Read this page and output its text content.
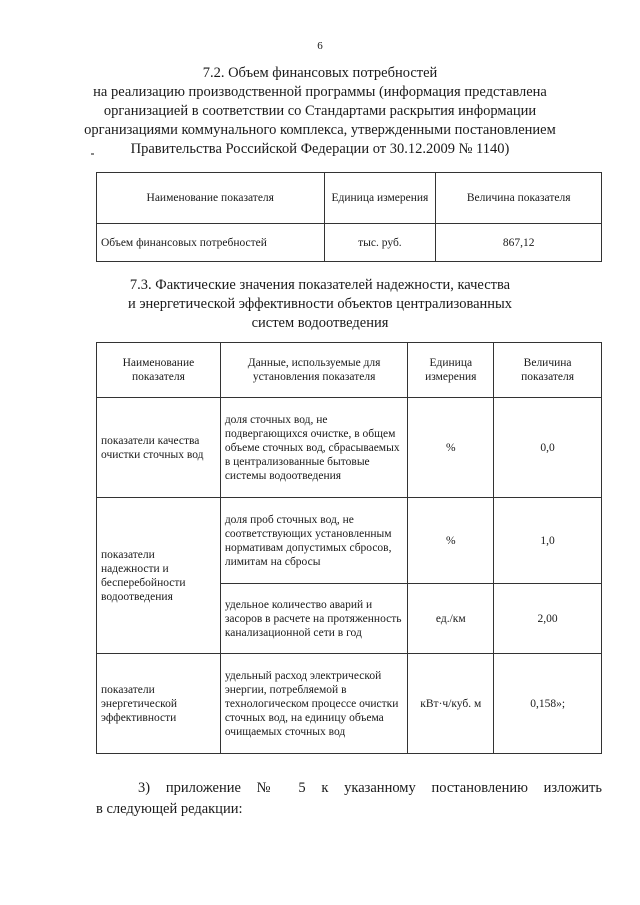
6
7.2. Объем финансовых потребностей
на реализацию производственной программы (информация представлена
организацией в соответствии со Стандартами раскрытия информации
организациями коммунального комплекса, утвержденными постановлением
Правительства Российской Федерации от 30.12.2009 № 1140)
Наименование показателя	Единица измерения	Величина показателя
Объем финансовых потребностей	тыс. руб.	867,12
7.3. Фактические значения показателей надежности, качества
и энергетической эффективности объектов централизованных
систем водоотведения
Наименование показателя	Данные, используемые для установления показателя	Единица измерения	Величина показателя
показатели качества очистки сточных вод	доля сточных вод, не подвергающихся очистке, в общем объеме сточных вод, сбрасываемых в централизованные бытовые системы водоотведения	%	0,0
показатели надежности и бесперебойности водоотведения	доля проб сточных вод, не соответствующих установленным нормативам допустимых сбросов, лимитам на сбросы	%	1,0
	удельное количество аварий и засоров в расчете на протяженность канализационной сети в год	ед./км	2,00
показатели энергетической эффективности	удельный расход электрической энергии, потребляемой в технологическом процессе очистки сточных вод, на единицу объема очищаемых сточных вод	кВт·ч/куб. м	0,158»;
3) приложение № 5 к указанному постановлению изложить
в следующей редакции:
